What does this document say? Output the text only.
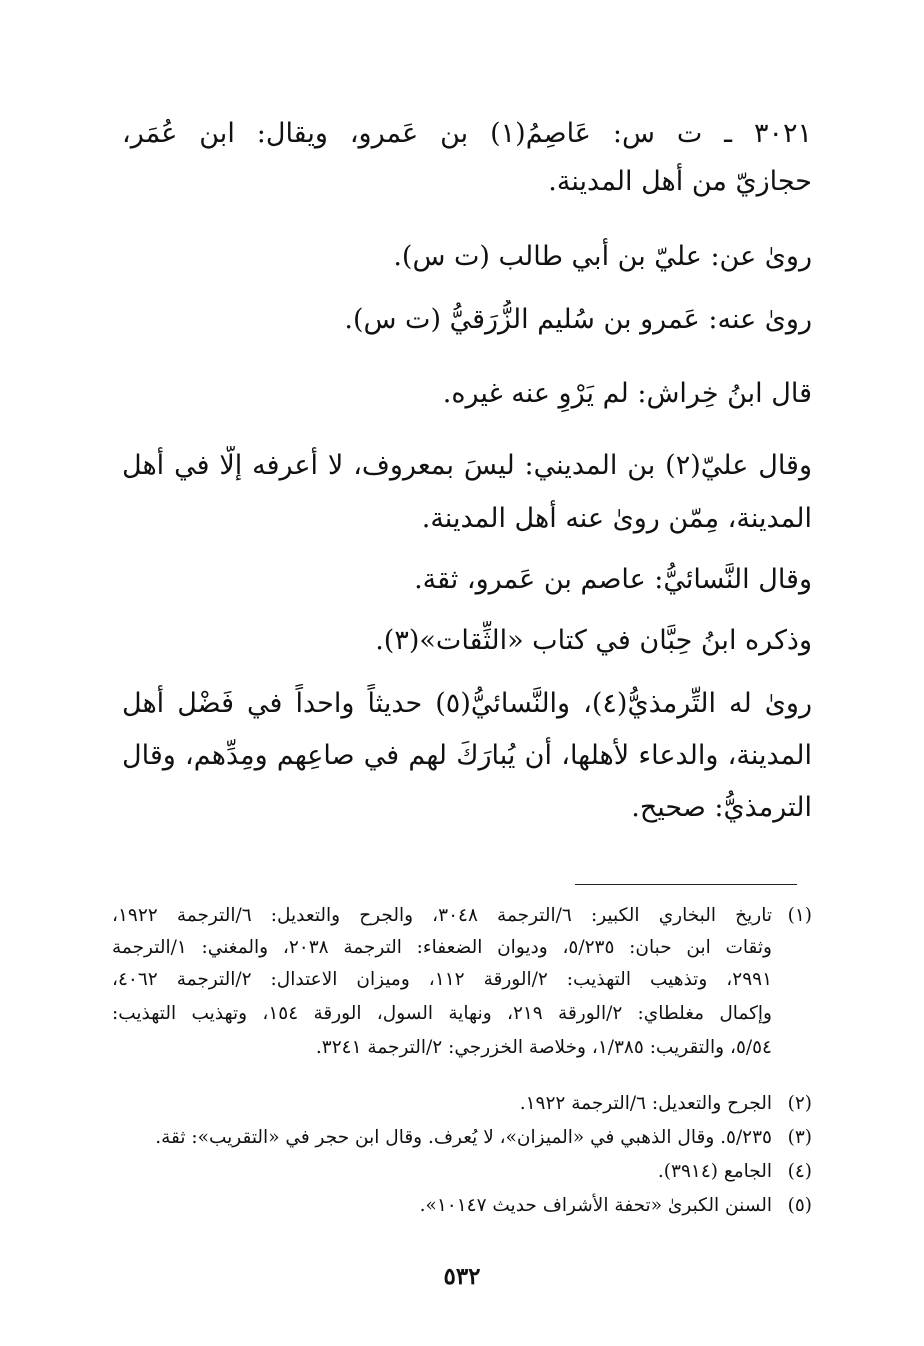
٣٠٢١ ـ ت س: عَاصِمُ(١) بن عَمرو، ويقال: ابن عُمَر،
حجازيّ من أهل المدينة.
روىٰ عن: عليّ بن أبي طالب (ت س).
روىٰ عنه: عَمرو بن سُليم الزُّرَقيُّ (ت س).
قال ابنُ خِراش: لم يَرْوِ عنه غيره.
وقال عليّ(٢) بن المديني: ليسَ بمعروف، لا أعرفه إلّا في أهل
المدينة، مِمّن روىٰ عنه أهل المدينة.
وقال النَّسائيُّ: عاصم بن عَمرو، ثقة.
وذكره ابنُ حِبَّان في كتاب «الثِّقات»(٣).
روىٰ له التِّرمذيُّ(٤)، والنَّسائيُّ(٥) حديثاً واحداً في فَضْل أهل
المدينة، والدعاء لأهلها، أن يُبارَكَ لهم في صاعِهم ومِدِّهم، وقال
الترمذيُّ: صحيح.
(١)تاريخ البخاري الكبير: ٦/الترجمة ٣٠٤٨، والجرح والتعديل: ٦/الترجمة ١٩٢٢،
وثقات ابن حبان: ٥/٢٣٥، وديوان الضعفاء: الترجمة ٢٠٣٨، والمغني: ١/الترجمة
٢٩٩١، وتذهيب التهذيب: ٢/الورقة ١١٢، وميزان الاعتدال: ٢/الترجمة ٤٠٦٢،
وإكمال مغلطاي: ٢/الورقة ٢١٩، ونهاية السول، الورقة ١٥٤، وتهذيب التهذيب:
٥/٥٤، والتقريب: ١/٣٨٥، وخلاصة الخزرجي: ٢/الترجمة ٣٢٤١.
(٢)الجرح والتعديل: ٦/الترجمة ١٩٢٢.
(٣)٥/٢٣٥. وقال الذهبي في «الميزان»، لا يُعرف. وقال ابن حجر في «التقريب»: ثقة.
(٤)الجامع (٣٩١٤).
(٥)السنن الكبرىٰ «تحفة الأشراف حديث ١٠١٤٧».
٥٣٢
